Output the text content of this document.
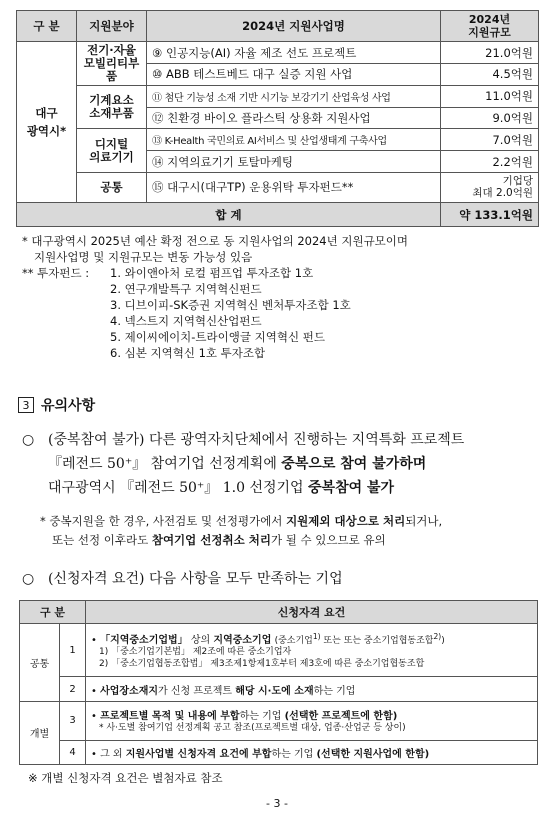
구 분	지원분야	2024년 지원사업명	2024년
지원규모
대구
광역시*	전기·자율
모빌리티부품	⑨ 인공지능(AI) 자율 제조 선도 프로젝트	21.0억원
		⑩ ABB 테스트베드 대구 실증 지원 사업	4.5억원
	기계요소
소재부품	⑪ 첨단 기능성 소재 기반 시기능 보강기기 산업육성 사업	11.0억원
		⑫ 친환경 바이오 플라스틱 상용화 지원사업	9.0억원
	디지털
의료기기	⑬ K-Health 국민의료 AI서비스 및 산업생태계 구축사업	7.0억원
		⑭ 지역의료기기 토탈마케팅	2.2억원
	공통	⑮ 대구시(대구TP) 운용위탁 투자펀드**	기업당
최대 2.0억원
합 계			약 133.1억원
* 대구광역시 2025년 예산 확정 전으로 동 지원사업의 2024년 지원규모이며
지원사업명 및 지원규모는 변동 가능성 있음
** 투자펀드 :	1. 와이앤아처 로컬 펌프업 투자조합 1호
2. 연구개발특구 지역혁신펀드
3. 디브이피-SK증권 지역혁신 벤처투자조합 1호
4. 넥스트지 지역혁신산업펀드
5. 제이씨에이치-트라이앵글 지역혁신 펀드
6. 심본 지역혁신 1호 투자조합
3 유의사항
○ (중복참여 불가) 다른 광역자치단체에서 진행하는 지역특화 프로젝트
『레전드 50⁺』 참여기업 선정계획에 중복으로 참여 불가하며
대구광역시 『레전드 50⁺』 1.0 선정기업 중복참여 불가
* 중복지원을 한 경우, 사전검토 및 선정평가에서 지원제외 대상으로 처리되거나,
또는 선정 이후라도 참여기업 선정취소 처리가 될 수 있으므로 유의
○ (신청자격 요건) 다음 사항을 모두 만족하는 기업
구 분		신청자격 요건
공통	1	• 「지역중소기업법」 상의 지역중소기업 (중소기업$^{1)}$ 또는 또는 중소기업협동조합$^{2)}$)
1) 「중소기업기본법」 제2조에 따른 중소기업자
2) 「중소기업협동조합법」 제3조제1항제1호부터 제3호에 따른 중소기업협동조합

	2	• 사업장소재지가 신청 프로젝트 해당 시·도에 소재하는 기업
개별	3	• 프로젝트별 목적 및 내용에 부합하는 기업 (선택한 프로젝트에 한함)
* 사·도별 참여기업 선정계획 공고 참조(프로젝트별 대상, 업종·산업군 등 상이)

	4	• 그 외 지원사업별 신청자격 요건에 부합하는 기업 (선택한 지원사업에 한함)
※ 개별 신청자격 요건은 별첨자료 참조
- 3 -
